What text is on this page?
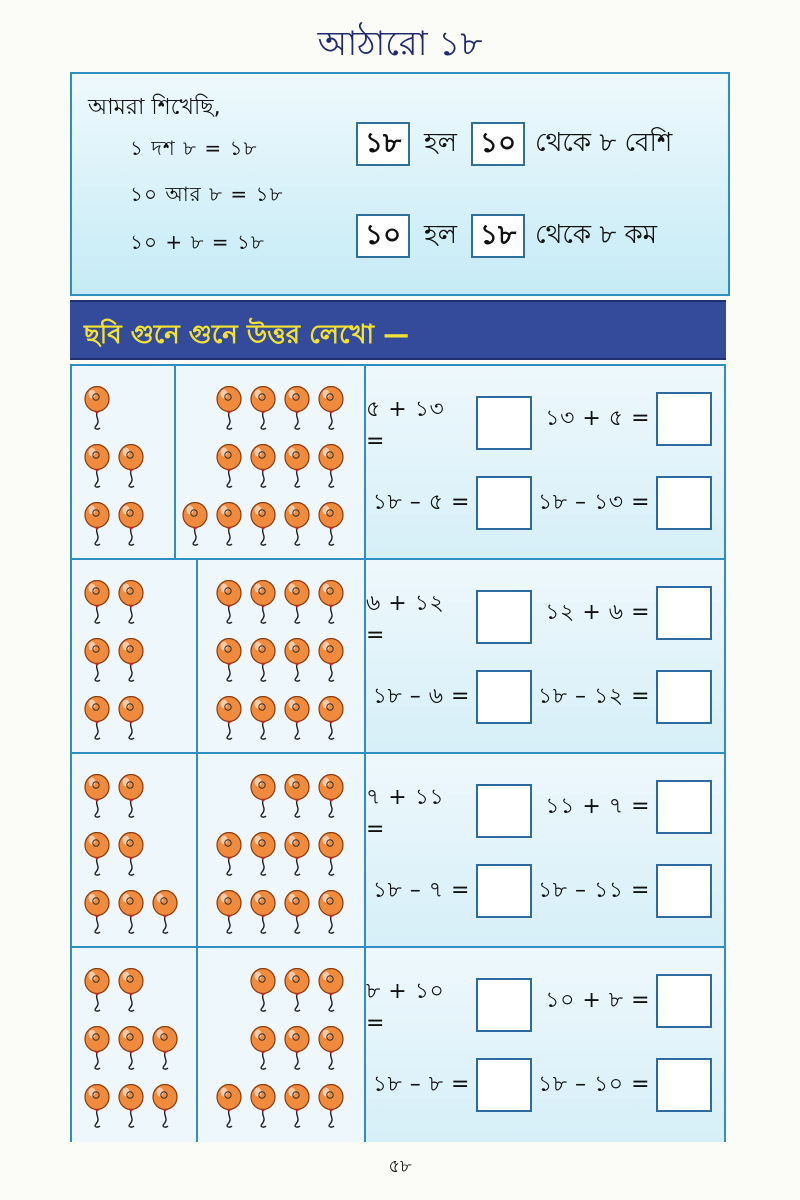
আঠারো ১৮
আমরা শিখেছি,
১ দশ ৮ = ১৮
১০ আর ৮ = ১৮
১০ + ৮ = ১৮
১৮ হল ১০ থেকে ৮ বেশি
১০ হল ১৮ থেকে ৮ কম
ছবি গুনে গুনে উত্তর লেখো —
৫ + ১৩ =
১৩ + ৫ =
১৮ – ৫ =	১৮ – ১৩ =
৬ + ১২ =
১২ + ৬ =
১৮ – ৬ =	১৮ – ১২ =
৭ + ১১ =
১১ + ৭ =
১৮ – ৭ =	১৮ – ১১ =
৮ + ১০ =
১০ + ৮ =
১৮ – ৮ =	১৮ – ১০ =
৫৮
